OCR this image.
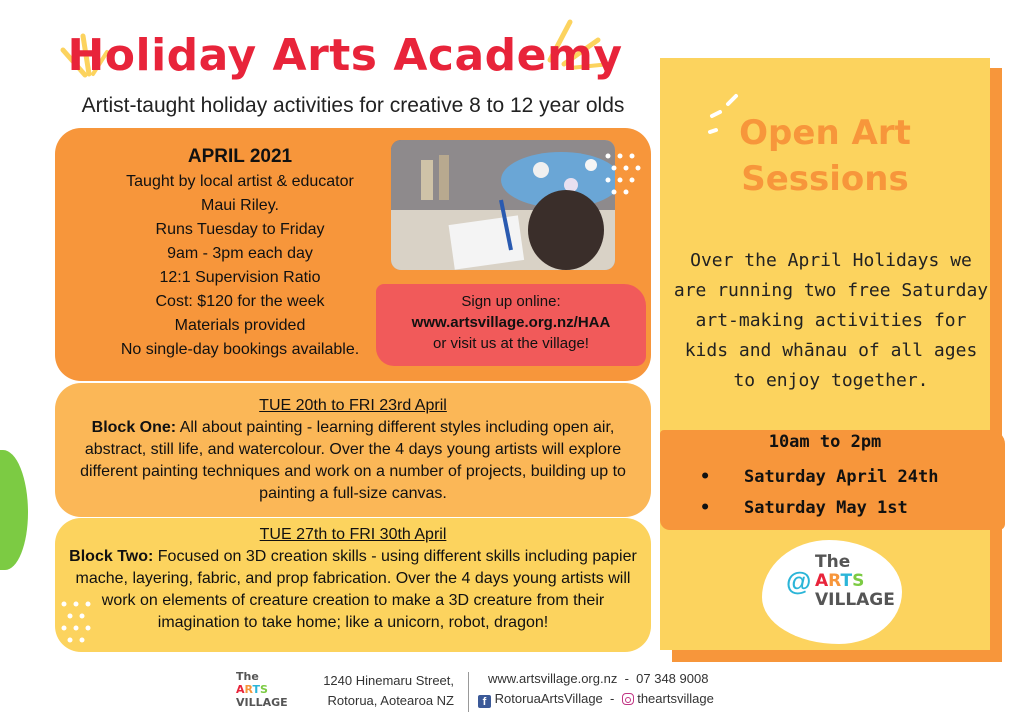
Holiday Arts Academy
Artist-taught holiday activities for creative 8 to 12 year olds
APRIL 2021
Taught by local artist & educator
Maui Riley.
Runs Tuesday to Friday
9am - 3pm each day
12:1 Supervision Ratio
Cost: $120 for the week
Materials provided
No single-day bookings available.
Sign up online:
www.artsvillage.org.nz/HAA
or visit us at the village!
TUE 20th to FRI 23rd April
Block One: All about painting - learning different styles including open air, abstract, still life, and watercolour. Over the 4 days young artists will explore different painting techniques and work on a number of projects, building up to painting a full-size canvas.
TUE 27th to FRI 30th April
Block Two: Focused on 3D creation skills - using different skills including papier mache, layering, fabric, and prop fabrication. Over the 4 days young artists will work on elements of creature creation to make a 3D creature from their imagination to take home; like a unicorn, robot, dragon!
Open Art
Sessions
Over the April Holidays we are running two free Saturday art-making activities for kids and whānau of all ages to enjoy together.
10am to 2pm
• Saturday April 24th
• Saturday May 1st
@
The
ARTS
VILLAGE
The
ARTS
VILLAGE
1240 Hinemaru Street,
Rotorua, Aotearoa NZ
www.artsvillage.org.nz - 07 348 9008
f RotoruaArtsVillage - theartsvillage
